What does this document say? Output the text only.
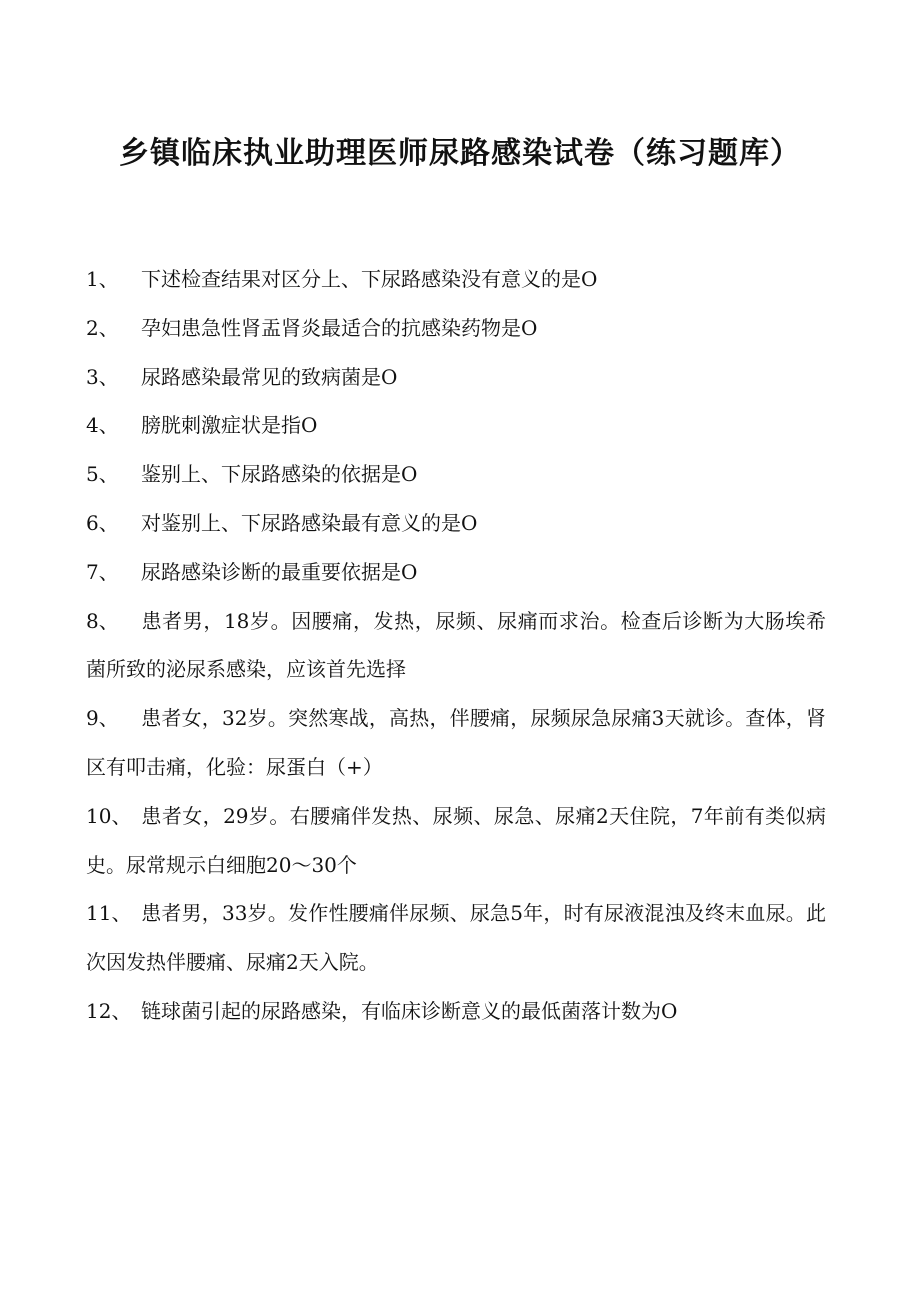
乡镇临床执业助理医师尿路感染试卷（练习题库）
1、 下述检查结果对区分上、下尿路感染没有意义的是O
2、 孕妇患急性肾盂肾炎最适合的抗感染药物是O
3、 尿路感染最常见的致病菌是O
4、 膀胱刺激症状是指O
5、 鉴别上、下尿路感染的依据是O
6、 对鉴别上、下尿路感染最有意义的是O
7、 尿路感染诊断的最重要依据是O
8、 患者男，18岁。因腰痛，发热，尿频、尿痛而求治。检查后诊断为大肠埃希菌所致的泌尿系感染，应该首先选择
9、 患者女，32岁。突然寒战，高热，伴腰痛，尿频尿急尿痛3天就诊。查体，肾区有叩击痛，化验：尿蛋白（+）
10、 患者女，29岁。右腰痛伴发热、尿频、尿急、尿痛2天住院，7年前有类似病史。尿常规示白细胞20～30个
11、 患者男，33岁。发作性腰痛伴尿频、尿急5年，时有尿液混浊及终末血尿。此次因发热伴腰痛、尿痛2天入院。
12、 链球菌引起的尿路感染，有临床诊断意义的最低菌落计数为O
